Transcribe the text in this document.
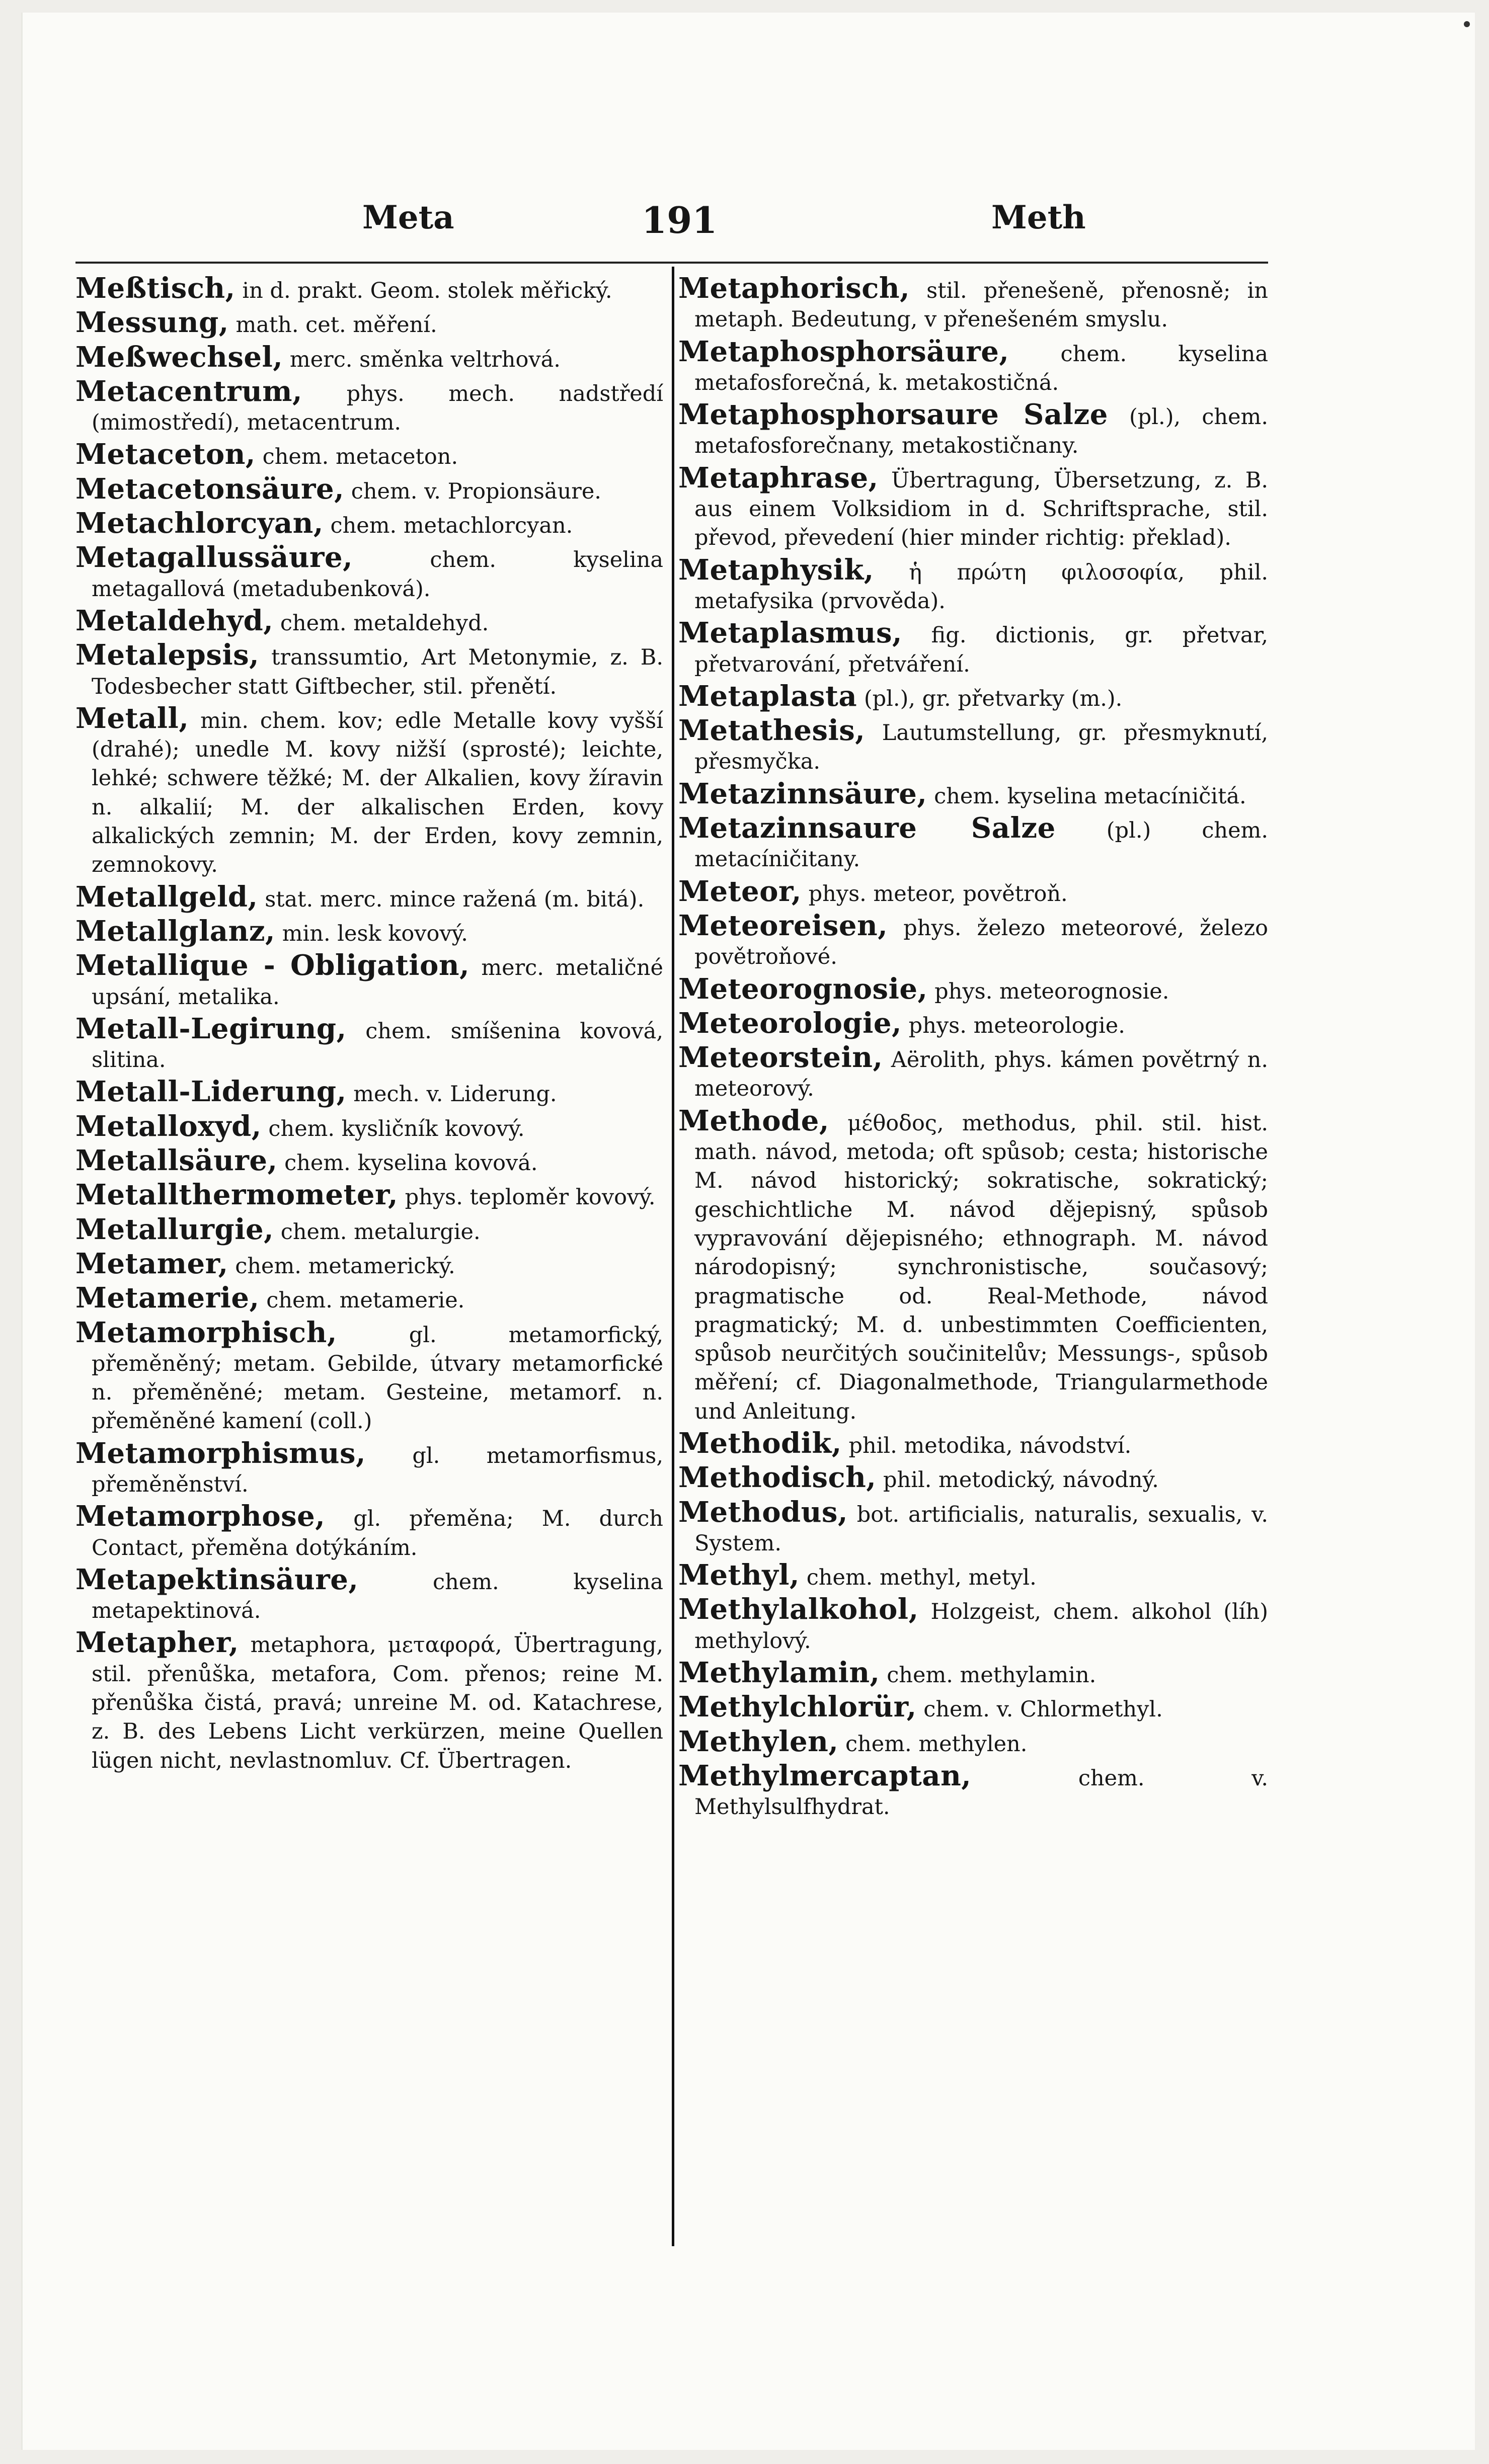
Meta	191	Meth

Meßtisch, in d. prakt. Geom. stolek měřický.

Messung, math. cet. měření.

Meßwechsel, merc. směnka veltrhová.

Metacentrum, phys. mech. nadstředí (mimostředí), metacentrum.

Metaceton, chem. metaceton.

Metacetonsäure, chem. v. Propionsäure.

Metachlorcyan, chem. metachlorcyan.

Metagallussäure,	chem. kyselina metagallová (metadubenková).

Metaldehyd, chem. metaldehyd.

Metalepsis, transsumtio, Art Metonymie, z. B. Todesbecher statt Giftbecher, stil. přenětí.

Metall, min. chem. kov; edle Metalle kovy vyšší (drahé); unedle M. kovy nižší (sprosté); leichte, lehké; schwere těžké; M. der Alkalien, kovy žíravin n. alkalií; M. der alkalischen Erden, kovy alkalických zemnin; M. der Erden, kovy zemnin, zemnokovy.

Metallgeld, stat. merc. mince ražená (m. bitá).

Metallglanz, min. lesk kovový.

Metallique - Obligation, merc. metaličné upsání, metalika.

Metall-Legirung, chem. smíšenina kovová, slitina.

Metall-Liderung, mech. v. Liderung.

Metalloxyd, chem. kysličník kovový.

Metallsäure, chem. kyselina kovová.

Metallthermometer, phys. teploměr kovový.

Metallurgie, chem. metalurgie.

Metamer, chem. metamerický.

Metamerie, chem. metamerie.

Metamorphisch,	gl. metamorfický, přeměněný; metam. Gebilde, útvary metamorfické n. přeměněné; metam. Gesteine, metamorf. n. přeměněné kamení (coll.)

Metamorphismus, gl. metamorfismus, přeměněnství.

Metamorphose, gl. přeměna; M. durch Contact, přeměna dotýkáním.

Metapektinsäure,	chem. kyselina metapektinová.

Metapher, metaphora, μεταφορά, Übertragung, stil. přenůška, metafora, Com. přenos; reine M. přenůška čistá, pravá; unreine M. od. Katachrese, z. B. des Lebens Licht verkürzen, meine Quellen lügen nicht, nevlastnomluv. Cf. Übertragen.

Metaphorisch, stil. přenešeně, přenosně; in metaph. Bedeutung, v přenešeném smyslu.

Metaphosphorsäure, chem. kyselina metafosforečná, k. metakostičná.

Metaphosphorsaure Salze (pl.), chem. metafosforečnany, metakostičnany.

Metaphrase, Übertragung, Übersetzung, z. B. aus einem Volksidiom in d. Schriftsprache, stil. převod, převedení (hier minder richtig: překlad).

Metaphysik, ἡ πρώτη φιλοσοφία, phil. metafysika (prvověda).

Metaplasmus, fig. dictionis, gr. přetvar, přetvarování, přetváření.

Metaplasta (pl.), gr. přetvarky (m.).

Metathesis, Lautumstellung, gr. přesmyknutí, přesmyčka.

Metazinnsäure, chem. kyselina metacíničitá.

Metazinnsaure Salze (pl.) chem. metacíničitany.

Meteor, phys. meteor, povětroň.

Meteoreisen, phys. železo meteorové, železo povětroňové.

Meteorognosie, phys. meteorognosie.

Meteorologie, phys. meteorologie.

Meteorstein, Aërolith, phys. kámen povětrný n. meteorový.

Methode, μέθοδος, methodus, phil. stil. hist. math. návod, metoda; oft spůsob; cesta; historische M. návod historický; sokratische, sokratický; geschichtliche M. návod dějepisný, spůsob vypravování dějepisného; ethnograph. M. návod národopisný; synchronistische, současový; pragmatische od. Real-Methode, návod pragmatický; M. d. unbestimmten Coefficienten, spůsob neurčitých součinitelův; Messungs-, spůsob měření; cf. Diagonalmethode, Triangularmethode und Anleitung.

Methodik, phil. metodika, návodství.

Methodisch, phil. metodický, návodný.

Methodus, bot. artificialis, naturalis, sexualis, v. System.

Methyl, chem. methyl, metyl.

Methylalkohol, Holzgeist, chem. alkohol (líh) methylový.

Methylamin, chem. methylamin.

Methylchlorür, chem. v. Chlormethyl.

Methylen, chem. methylen.

Methylmercaptan,	chem. v. Methylsulfhydrat.
